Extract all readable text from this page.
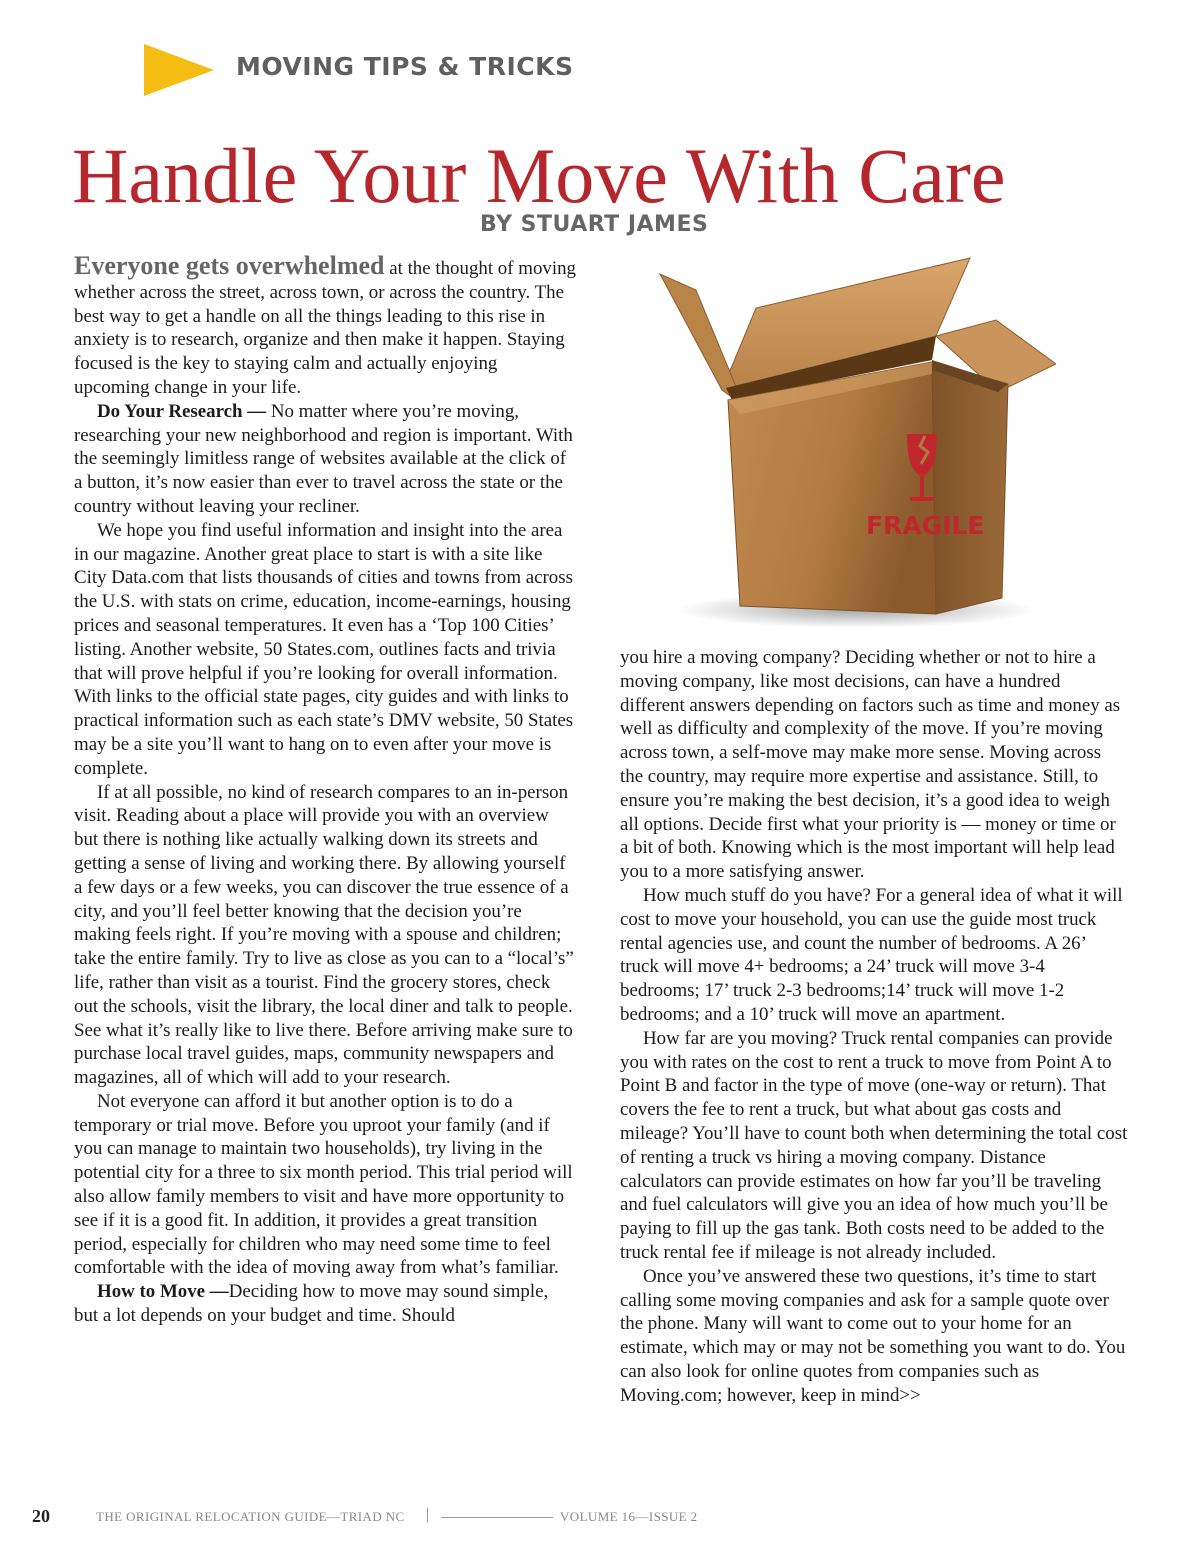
MOVING TIPS & TRICKS
Handle Your Move With Care
BY STUART JAMES

Everyone gets overwhelmed at the thought of moving whether across the street, across town, or across the country. The best way to get a handle on all the things leading to this rise in anxiety is to research, organize and then make it happen. Staying focused is the key to staying calm and actually enjoying upcoming change in your life.

Do Your Research — No matter where you’re moving, researching your new neighborhood and region is important. With the seemingly limitless range of websites available at the click of a button, it’s now easier than ever to travel across the state or the country without leaving your recliner.

We hope you find useful information and insight into the area in our magazine. Another great place to start is with a site like City Data.com that lists thousands of cities and towns from across the U.S. with stats on crime, education, income-earnings, housing prices and seasonal temperatures. It even has a ‘Top 100 Cities’ listing. Another website, 50 States.com, outlines facts and trivia that will prove helpful if you’re looking for overall information. With links to the official state pages, city guides and with links to practical information such as each state’s DMV website, 50 States may be a site you’ll want to hang on to even after your move is complete.

If at all possible, no kind of research compares to an in-person visit. Reading about a place will provide you with an overview but there is nothing like actually walking down its streets and getting a sense of living and working there. By allowing yourself a few days or a few weeks, you can discover the true essence of a city, and you’ll feel better knowing that the decision you’re making feels right. If you’re moving with a spouse and children; take the entire family. Try to live as close as you can to a “local’s” life, rather than visit as a tourist. Find the grocery stores, check out the schools, visit the library, the local diner and talk to people. See what it’s really like to live there. Before arriving make sure to purchase local travel guides, maps, community newspapers and magazines, all of which will add to your research.

Not everyone can afford it but another option is to do a temporary or trial move. Before you uproot your family (and if you can manage to maintain two households), try living in the potential city for a three to six month period. This trial period will also allow family members to visit and have more opportunity to see if it is a good fit. In addition, it provides a great transition period, especially for children who may need some time to feel comfortable with the idea of moving away from what’s familiar.

How to Move —Deciding how to move may sound simple, but a lot depends on your budget and time. Should

FRAGILE

you hire a moving company? Deciding whether or not to hire a moving company, like most decisions, can have a hundred different answers depending on factors such as time and money as well as difficulty and complexity of the move. If you’re moving across town, a self-move may make more sense. Moving across the country, may require more expertise and assistance. Still, to ensure you’re making the best decision, it’s a good idea to weigh all options. Decide first what your priority is — money or time or a bit of both. Knowing which is the most important will help lead you to a more satisfying answer.

How much stuff do you have? For a general idea of what it will cost to move your household, you can use the guide most truck rental agencies use, and count the number of bedrooms. A 26’ truck will move 4+ bedrooms; a 24’ truck will move 3-4 bedrooms; 17’ truck 2-3 bedrooms;14’ truck will move 1-2 bedrooms; and a 10’ truck will move an apartment.

How far are you moving? Truck rental companies can provide you with rates on the cost to rent a truck to move from Point A to Point B and factor in the type of move (one-way or return). That covers the fee to rent a truck, but what about gas costs and mileage? You’ll have to count both when determining the total cost of renting a truck vs hiring a moving company. Distance calculators can provide estimates on how far you’ll be traveling and fuel calculators will give you an idea of how much you’ll be paying to fill up the gas tank. Both costs need to be added to the truck rental fee if mileage is not already included.

Once you’ve answered these two questions, it’s time to start calling some moving companies and ask for a sample quote over the phone. Many will want to come out to your home for an estimate, which may or may not be something you want to do. You can also look for online quotes from companies such as Moving.com; however, keep in mind>>

20	THE ORIGINAL RELOCATION GUIDE—TRIAD NC |	VOLUME 16—ISSUE 2
